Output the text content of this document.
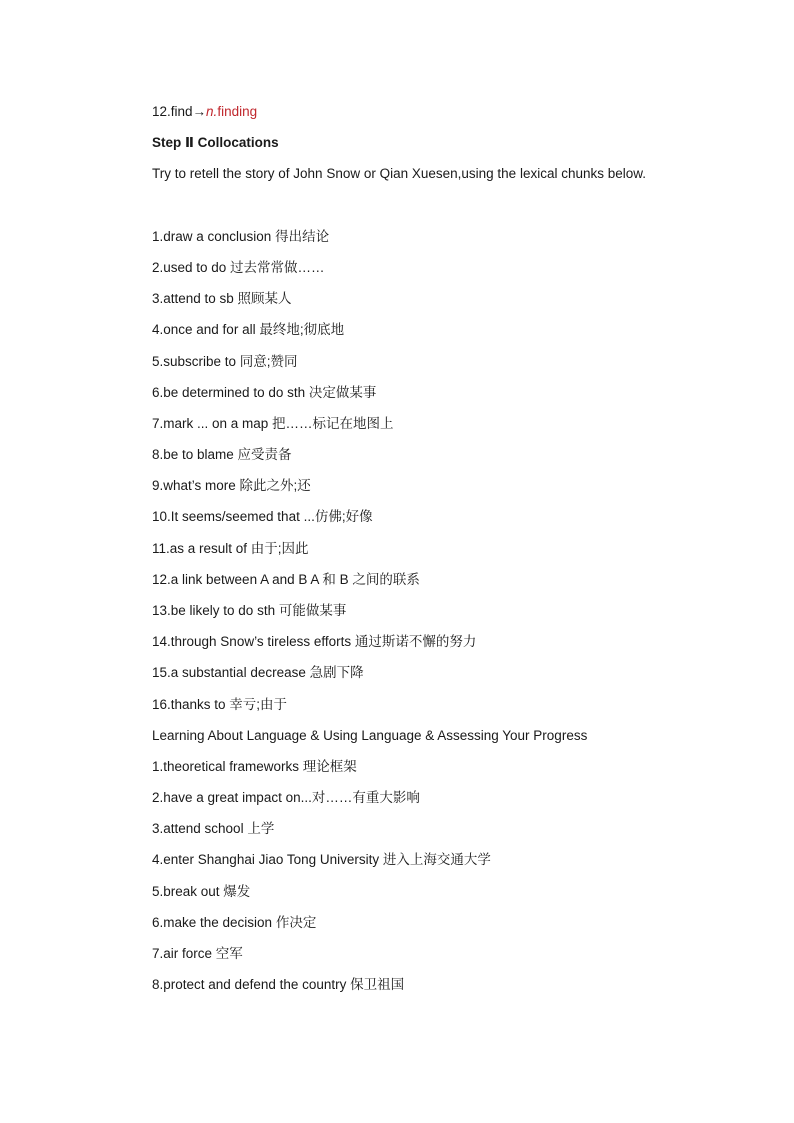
12.find→n.finding
Step Ⅱ Collocations
Try to retell the story of John Snow or Qian Xuesen,using the lexical chunks below.
1.draw a conclusion 得出结论
2.used to do 过去常常做……
3.attend to sb 照顾某人
4.once and for all 最终地;彻底地
5.subscribe to 同意;赞同
6.be determined to do sth 决定做某事
7.mark ... on a map 把……标记在地图上
8.be to blame 应受责备
9.what’s more 除此之外;还
10.It seems/seemed that ...仿佛;好像
11.as a result of 由于;因此
12.a link between A and B A 和 B 之间的联系
13.be likely to do sth 可能做某事
14.through Snow’s tireless efforts 通过斯诺不懈的努力
15.a substantial decrease 急剧下降
16.thanks to 幸亏;由于
Learning About Language & Using Language & Assessing Your Progress
1.theoretical frameworks 理论框架
2.have a great impact on...对……有重大影响
3.attend school 上学
4.enter Shanghai Jiao Tong University 进入上海交通大学
5.break out 爆发
6.make the decision 作决定
7.air force 空军
8.protect and defend the country 保卫祖国
